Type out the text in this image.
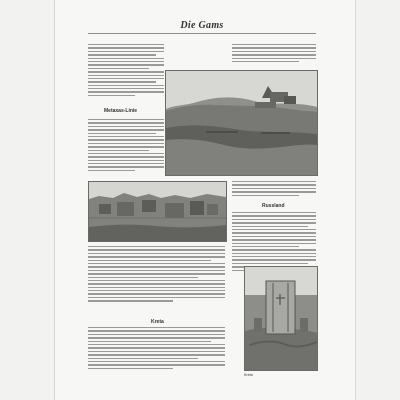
Die Gams
Metaxas-Linie
Russland
Kreta
Kreta
